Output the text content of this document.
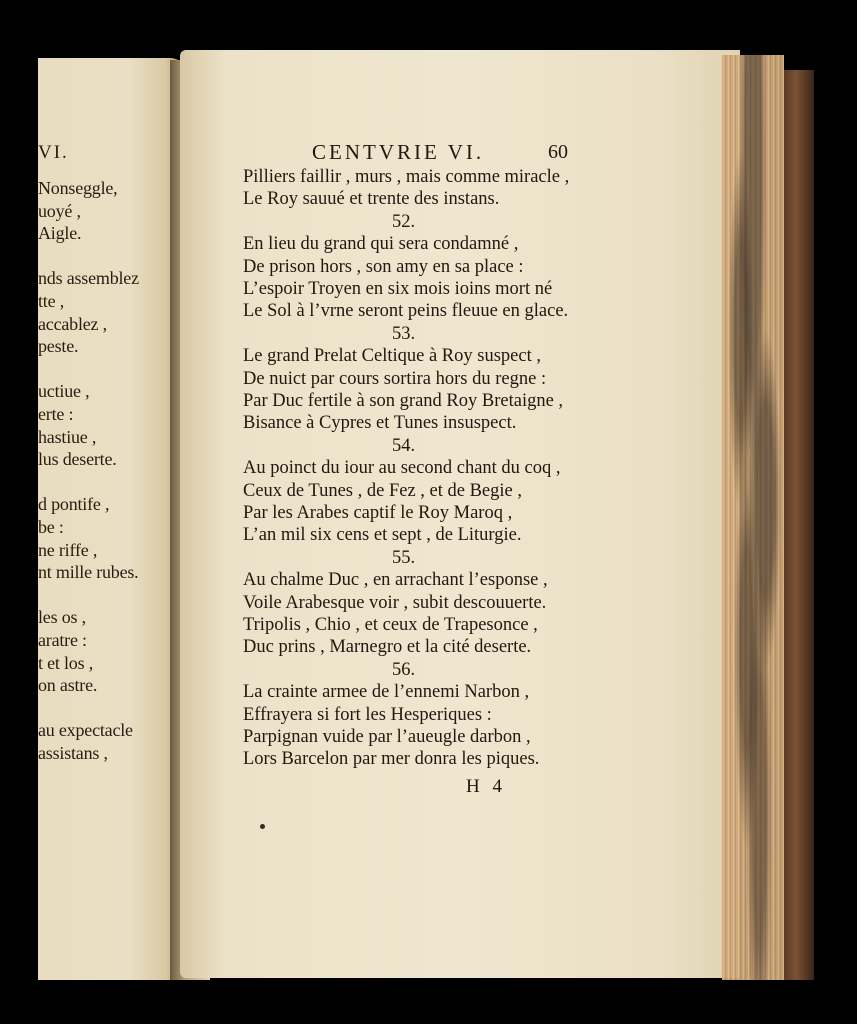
VI.
Nonseggle,
uoyé ,
Aigle.
nds assemblez
tte ,
accablez ,
peste.
uctiue ,
erte :
hastiue ,
lus deserte.
d pontife ,
be :
ne riffe ,
nt mille rubes.
les os ,
aratre :
t et los ,
on astre.
au expectacle
assistans ,
CENTVRIE VI.	60
Pilliers faillir , murs , mais comme miracle ,
Le Roy sauué et trente des instans.
52.
En lieu du grand qui sera condamné ,
De prison hors , son amy en sa place :
L’espoir Troyen en six mois ioins mort né
Le Sol à l’vrne seront peins fleuue en glace.
53.
Le grand Prelat Celtique à Roy suspect ,
De nuict par cours sortira hors du regne :
Par Duc fertile à son grand Roy Bretaigne ,
Bisance à Cypres et Tunes insuspect.
54.
Au poinct du iour au second chant du coq ,
Ceux de Tunes , de Fez , et de Begie ,
Par les Arabes captif le Roy Maroq ,
L’an mil six cens et sept , de Liturgie.
55.
Au chalme Duc , en arrachant l’esponse ,
Voile Arabesque voir , subit descouuerte.
Tripolis , Chio , et ceux de Trapesonce ,
Duc prins , Marnegro et la cité deserte.
56.
La crainte armee de l’ennemi Narbon ,
Effrayera si fort les Hesperiques :
Parpignan vuide par l’aueugle darbon ,
Lors Barcelon par mer donra les piques.
H 4
